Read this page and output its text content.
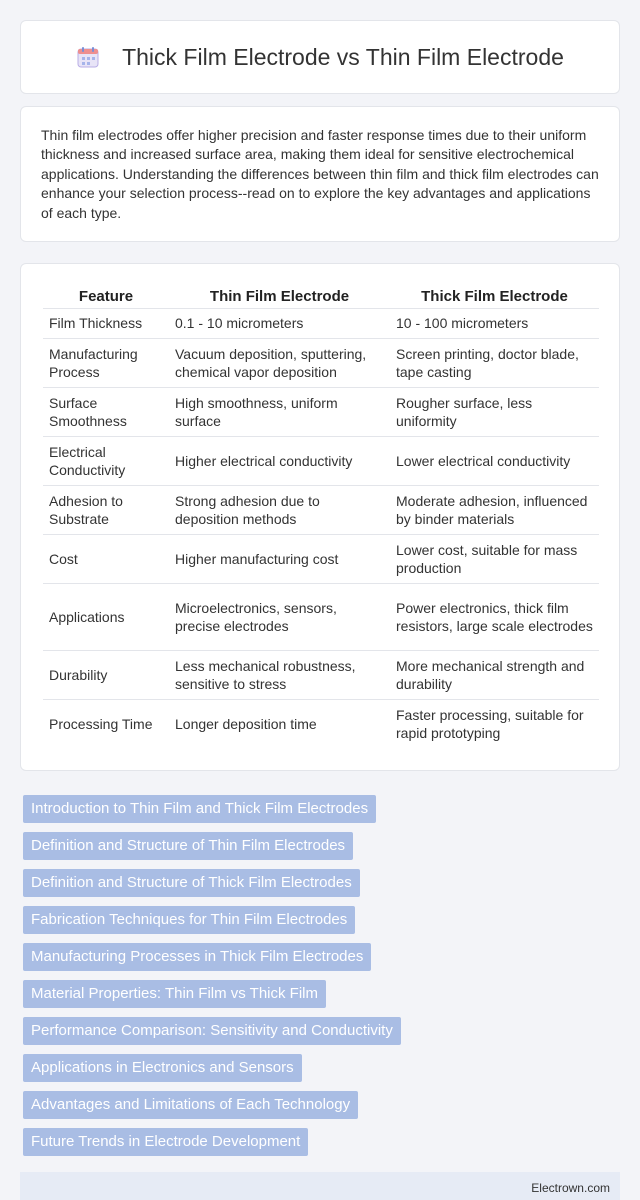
Thick Film Electrode vs Thin Film Electrode

Thin film electrodes offer higher precision and faster response times due to their uniform thickness and increased surface area, making them ideal for sensitive electrochemical applications. Understanding the differences between thin film and thick film electrodes can enhance your selection process--read on to explore the key advantages and applications of each type.

Feature	Thin Film Electrode	Thick Film Electrode
Film Thickness	0.1 - 10 micrometers	10 - 100 micrometers
Manufacturing Process	Vacuum deposition, sputtering, chemical vapor deposition	Screen printing, doctor blade, tape casting
Surface Smoothness	High smoothness, uniform surface	Rougher surface, less uniformity
Electrical Conductivity	Higher electrical conductivity	Lower electrical conductivity
Adhesion to Substrate	Strong adhesion due to deposition methods	Moderate adhesion, influenced by binder materials
Cost	Higher manufacturing cost	Lower cost, suitable for mass production
Applications	Microelectronics, sensors, precise electrodes	Power electronics, thick film resistors, large scale electrodes
Durability	Less mechanical robustness, sensitive to stress	More mechanical strength and durability
Processing Time	Longer deposition time	Faster processing, suitable for rapid prototyping
Introduction to Thin Film and Thick Film Electrodes
Definition and Structure of Thin Film Electrodes
Definition and Structure of Thick Film Electrodes
Fabrication Techniques for Thin Film Electrodes
Manufacturing Processes in Thick Film Electrodes
Material Properties: Thin Film vs Thick Film
Performance Comparison: Sensitivity and Conductivity
Applications in Electronics and Sensors
Advantages and Limitations of Each Technology
Future Trends in Electrode Development
Electrown.com
